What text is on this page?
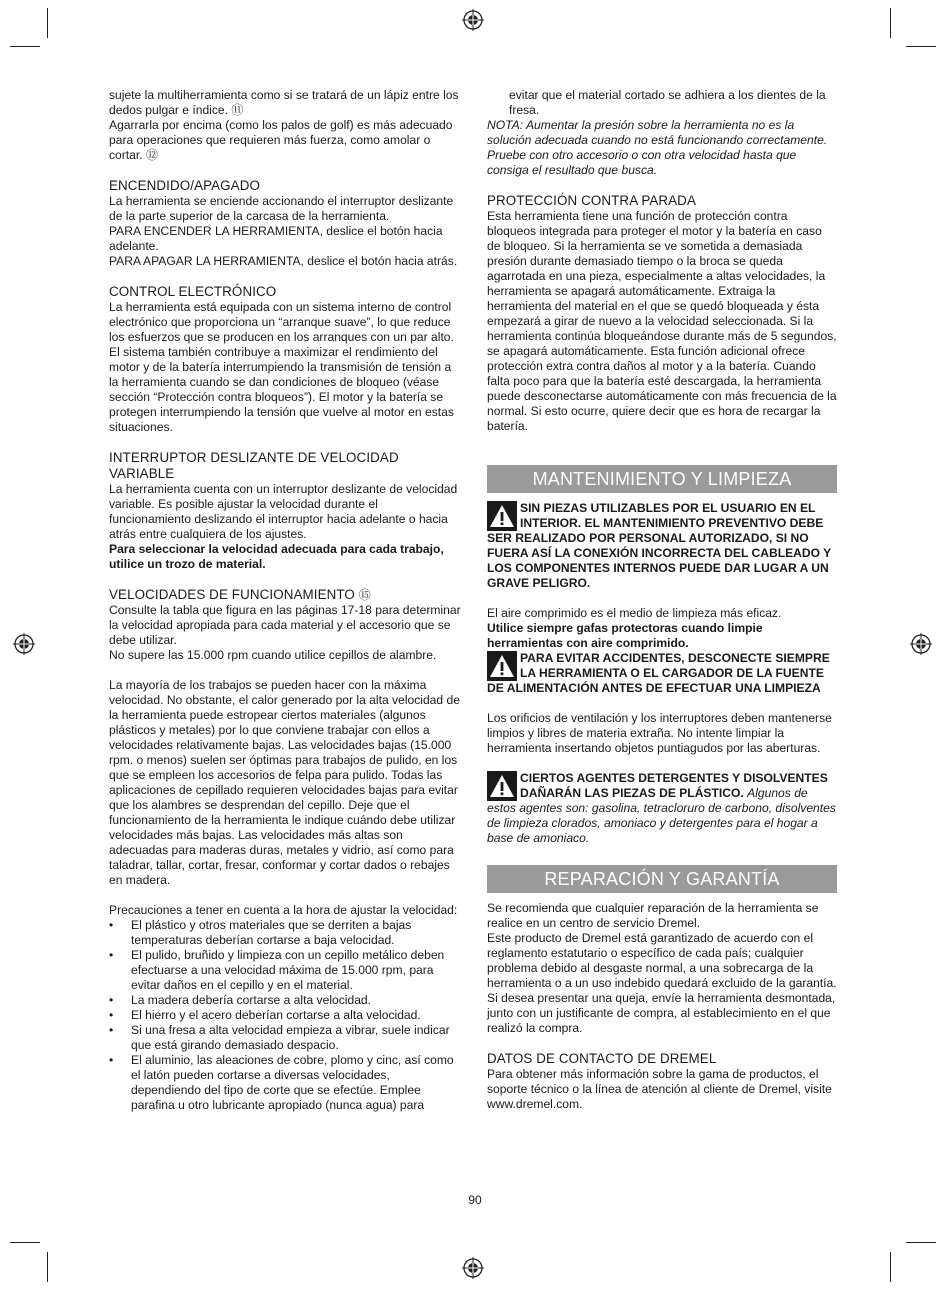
sujete la multiherramienta como si se tratará de un lápiz entre los dedos pulgar e índice. ⑪

Agarrarla por encima (como los palos de golf) es más adecuado para operaciones que requieren más fuerza, como amolar o cortar. ⑫

ENCENDIDO/APAGADO

La herramienta se enciende accionando el interruptor deslizante de la parte superior de la carcasa de la herramienta.

PARA ENCENDER LA HERRAMIENTA, deslice el botón hacia adelante.

PARA APAGAR LA HERRAMIENTA, deslice el botón hacia atrás.

CONTROL ELECTRÓNICO

La herramienta está equipada con un sistema interno de control electrónico que proporciona un “arranque suave”, lo que reduce los esfuerzos que se producen en los arranques con un par alto. El sistema también contribuye a maximizar el rendimiento del motor y de la batería interrumpiendo la transmisión de tensión a la herramienta cuando se dan condiciones de bloqueo (véase sección “Protección contra bloqueos”). El motor y la batería se protegen interrumpiendo la tensión que vuelve al motor en estas situaciones.

INTERRUPTOR DESLIZANTE DE VELOCIDAD VARIABLE

La herramienta cuenta con un interruptor deslizante de velocidad variable. Es posible ajustar la velocidad durante el funcionamiento deslizando el interruptor hacia adelante o hacia atrás entre cualquiera de los ajustes.

Para seleccionar la velocidad adecuada para cada trabajo, utilice un trozo de material.

VELOCIDADES DE FUNCIONAMIENTO ⑮

Consulte la tabla que figura en las páginas 17-18 para determinar la velocidad apropiada para cada material y el accesorio que se debe utilizar.

No supere las 15.000 rpm cuando utilice cepillos de alambre.

La mayoría de los trabajos se pueden hacer con la máxima velocidad. No obstante, el calor generado por la alta velocidad de la herramienta puede estropear ciertos materiales (algunos plásticos y metales) por lo que conviene trabajar con ellos a velocidades relativamente bajas. Las velocidades bajas (15.000 rpm. o menos) suelen ser óptimas para trabajos de pulido, en los que se empleen los accesorios de felpa para pulido. Todas las aplicaciones de cepillado requieren velocidades bajas para evitar que los alambres se desprendan del cepillo. Deje que el funcionamiento de la herramienta le indique cuándo debe utilizar velocidades más bajas. Las velocidades más altas son adecuadas para maderas duras, metales y vidrio, así como para taladrar, tallar, cortar, fresar, conformar y cortar dados o rebajes en madera.

Precauciones a tener en cuenta a la hora de ajustar la velocidad:

• El plástico y otros materiales que se derriten a bajas temperaturas deberían cortarse a baja velocidad.
• El pulido, bruñido y limpieza con un cepillo metálico deben efectuarse a una velocidad máxima de 15.000 rpm, para evitar daños en el cepillo y en el material.
• La madera debería cortarse a alta velocidad.
• El hierro y el acero deberían cortarse a alta velocidad.
• Si una fresa a alta velocidad empieza a vibrar, suele indicar que está girando demasiado despacio.
• El aluminio, las aleaciones de cobre, plomo y cinc, así como el latón pueden cortarse a diversas velocidades, dependiendo del tipo de corte que se efectúe. Emplee parafina u otro lubricante apropiado (nunca agua) para

evitar que el material cortado se adhiera a los dientes de la fresa.

NOTA: Aumentar la presión sobre la herramienta no es la solución adecuada cuando no está funcionando correctamente. Pruebe con otro accesorio o con otra velocidad hasta que consiga el resultado que busca.

PROTECCIÓN CONTRA PARADA

Esta herramienta tiene una función de protección contra bloqueos integrada para proteger el motor y la batería en caso de bloqueo. Si la herramienta se ve sometida a demasiada presión durante demasiado tiempo o la broca se queda agarrotada en una pieza, especialmente a altas velocidades, la herramienta se apagará automáticamente. Extraiga la herramienta del material en el que se quedó bloqueada y ésta empezará a girar de nuevo a la velocidad seleccionada. Si la herramienta continúa bloqueándose durante más de 5 segundos, se apagará automáticamente. Esta función adicional ofrece protección extra contra daños al motor y a la batería. Cuando falta poco para que la batería esté descargada, la herramienta puede desconectarse automáticamente con más frecuencia de la normal. Si esto ocurre, quiere decir que es hora de recargar la batería.

MANTENIMIENTO Y LIMPIEZA

SIN PIEZAS UTILIZABLES POR EL USUARIO EN EL INTERIOR. EL MANTENIMIENTO PREVENTIVO DEBE SER REALIZADO POR PERSONAL AUTORIZADO, SI NO FUERA ASÍ LA CONEXIÓN INCORRECTA DEL CABLEADO Y LOS COMPONENTES INTERNOS PUEDE DAR LUGAR A UN GRAVE PELIGRO.

El aire comprimido es el medio de limpieza más eficaz.

Utilice siempre gafas protectoras cuando limpie herramientas con aire comprimido.

PARA EVITAR ACCIDENTES, DESCONECTE SIEMPRE LA HERRAMIENTA O EL CARGADOR DE LA FUENTE DE ALIMENTACIÓN ANTES DE EFECTUAR UNA LIMPIEZA

Los orificios de ventilación y los interruptores deben mantenerse limpios y libres de materia extraña. No intente limpiar la herramienta insertando objetos puntiagudos por las aberturas.

CIERTOS AGENTES DETERGENTES Y DISOLVENTES DAÑARÁN LAS PIEZAS DE PLÁSTICO. Algunos de estos agentes son: gasolina, tetracloruro de carbono, disolventes de limpieza clorados, amoniaco y detergentes para el hogar a base de amoniaco.

REPARACIÓN Y GARANTÍA

Se recomienda que cualquier reparación de la herramienta se realice en un centro de servicio Dremel.

Este producto de Dremel está garantizado de acuerdo con el reglamento estatutario o específico de cada país; cualquier problema debido al desgaste normal, a una sobrecarga de la herramienta o a un uso indebido quedará excluido de la garantía.

Si desea presentar una queja, envíe la herramienta desmontada, junto con un justificante de compra, al establecimiento en el que realizó la compra.

DATOS DE CONTACTO DE DREMEL

Para obtener más información sobre la gama de productos, el soporte técnico o la línea de atención al cliente de Dremel, visite www.dremel.com.

90
